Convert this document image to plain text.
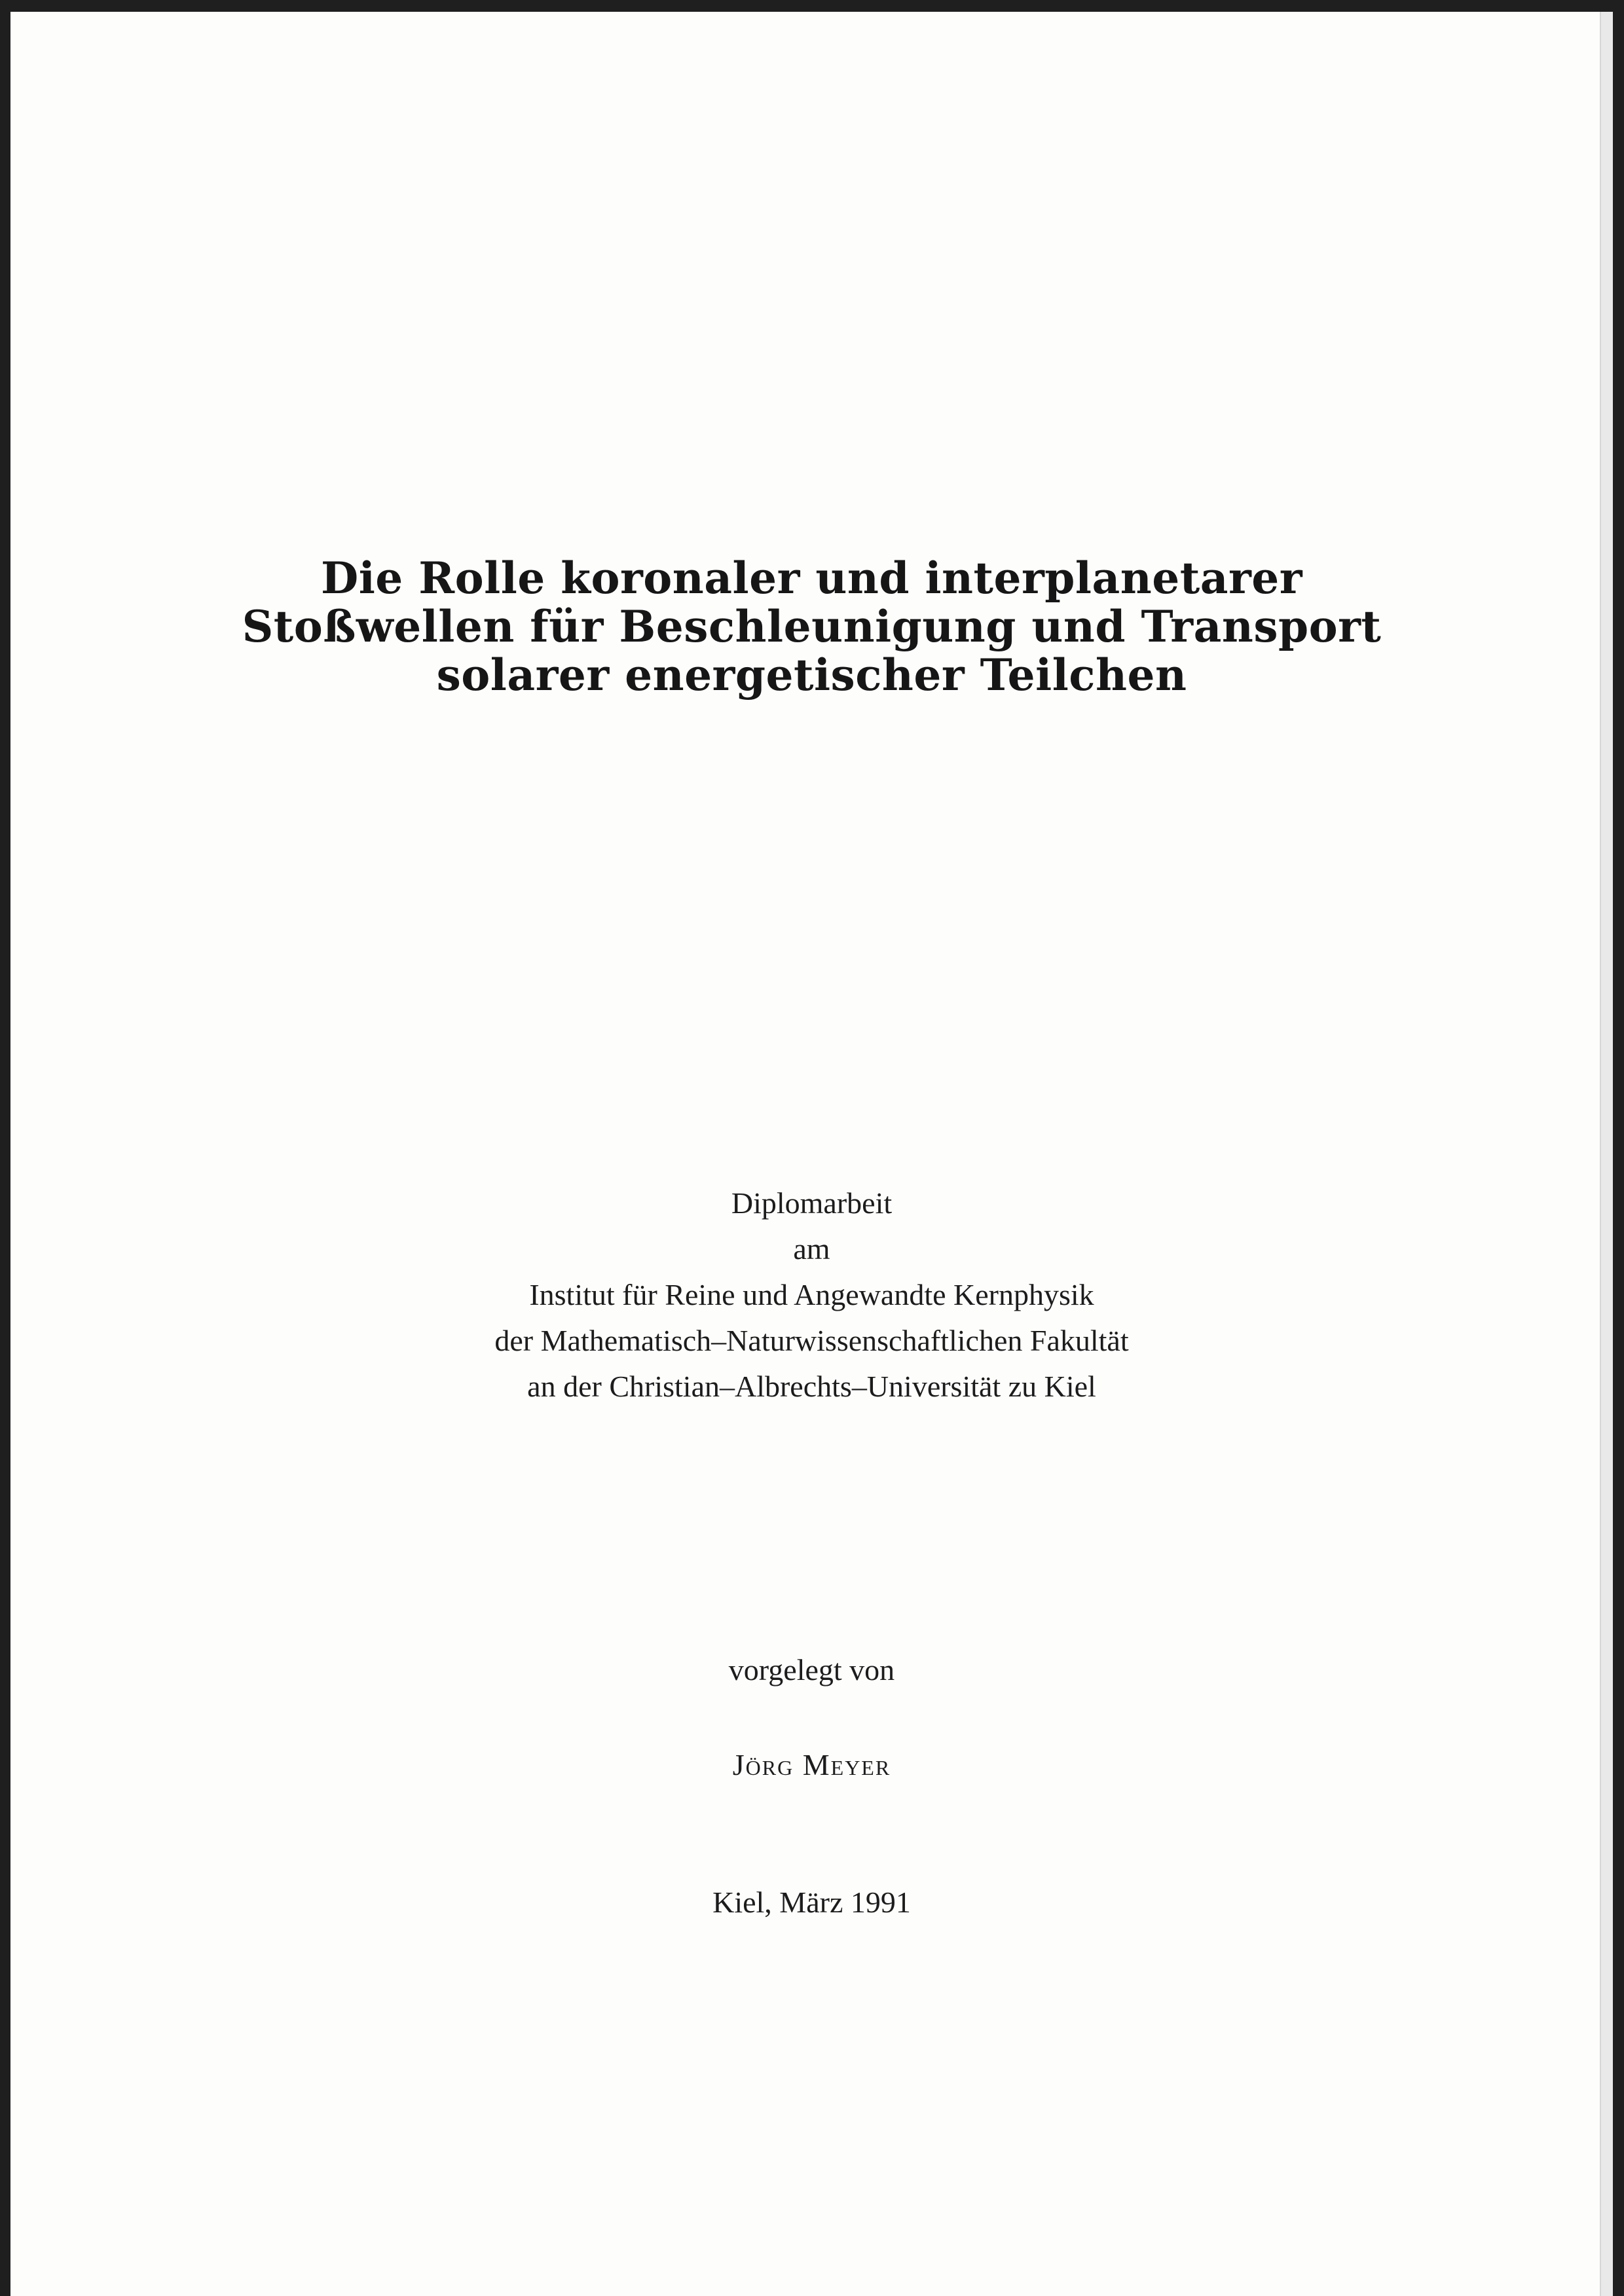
Die Rolle koronaler und interplanetarer
Stoßwellen für Beschleunigung und Transport
solarer energetischer Teilchen
Diplomarbeit
am
Institut für Reine und Angewandte Kernphysik
der Mathematisch–Naturwissenschaftlichen Fakultät
an der Christian–Albrechts–Universität zu Kiel
vorgelegt von
Jörg Meyer
Kiel, März 1991
